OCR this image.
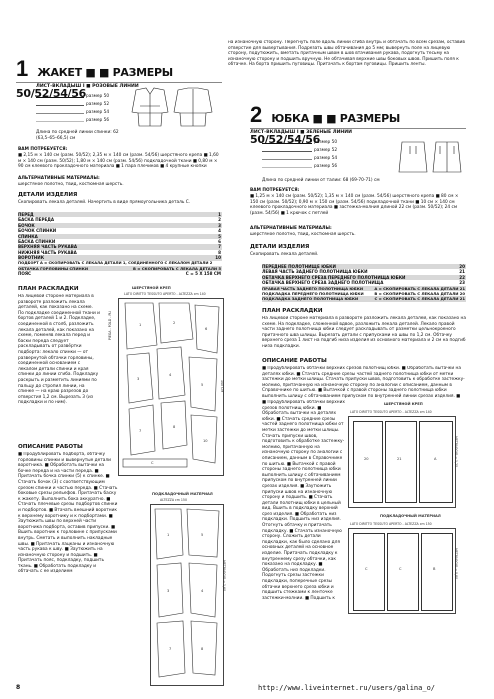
на изнаночную сторону. Перегнуть поле вдоль линии сгиба внутрь и обтачать по всем срезам, оставив отверстие для вывертывания. Подрезать швы обтачивания до 5 мм; вывернуть поле на лицевую сторону, подутюжить, вметать притачным швом в шов втачивания рукава, подогнуть тесьму на изнаночную сторону и подшить вручную. Не обтачивая верхние швы боковых швов. Пришить поля к обтачке. На борта пришить пуговицы. Притачать к бортам пуговицы. Пришить ленты.
1 ЖАКЕТ ■ ■ РАЗМЕРЫ 50/52/54/56
ЛИСТ-ВКЛАДЫШ Ⅰ ■ РОЗОВЫЕ ЛИНИИ
размер 50
размер 52
размер 54
размер 56
Длина по средней линии спинки: 62 (63,5–65–66,5) см
ВАМ ПОТРЕБУЕТСЯ:
■ 2,15 м × 140 см (разм. 50/52); 2,35 м × 140 см (разм. 54/56) шерстяного крепа ■ 1,60 м × 140 см (разм. 50/52); 1,80 м × 140 см (разм. 54/56) подкладочной ткани ■ 0,80 м × 90 см клеевого прокладочного материала ■ 1 пара плечиков ■ 4 крупные кнопки
АЛЬТЕРНАТИВНЫЕ МАТЕРИАЛЫ:
шерстяное полотно, твид, костюмная шерсть.
ДЕТАЛИ ИЗДЕЛИЯ
Скопировать лекала деталей. Начертить в виде прямоугольника деталь С.
ПЕРЕД	1
БАСКА ПЕРЕДА	2
БОЧОК	3
БОЧОК СПИНКИ	4
СПИНКА	5
БАСКА СПИНКИ	6
ВЕРХНЯЯ ЧАСТЬ РУКАВА	7
НИЖНЯЯ ЧАСТЬ РУКАВА	8
ВОРОТНИК	10
ПОДБОРТ A = СКОПИРОВАТЬ С ЛЕКАЛА ДЕТАЛИ 1, СОЕДИНЕННОГО С ЛЕКАЛОМ ДЕТАЛИ 2
ОБТАЧКА ГОРЛОВИНЫ СПИНКИ	B = СКОПИРОВАТЬ С ЛЕКАЛА ДЕТАЛИ 5
ПОЯС	C = 5 Х 158 СМ
ПЛАН РАСКЛАДКИ
На лицевой стороне материала в развороте разложить лекала деталей, как показано на схеме. По подкладке соединенной ткани и бортов деталей 1 и 2. Подкладке, соединенной в столб, разложить лекала деталей, как показано на схеме, поменяв лекала перед и баски переда следует раскладывать от развёртки подборта: лекало спинки — от развернутой обтачки горловины, соединенной основанием с лекалом детали спинки и края спинки до линии сгиба. Подкладку раскрыть и разметить линиями по пальцу до стропил линии, на спинке — на краю разрезов до отверстия 1,2 см. Вырезать 3 (из подкладки и по ним).
ОПИСАНИЕ РАБОТЫ
■ Продублировать подборта, обтачку горловины спинки и вывернутые детали воротника. ■ Обработать вытачки на бочке переда и на части переда. ■ Притачать бочка спинки (5) к спинке. ■ Стачать бочок (3) с соответствующим срезом спинки и частью переда. ■ Стачать боковые срезы рельефов. Притачать баску к жакету. Выполнить бока аккуратно. ■ Стачать плечевые срезы подбортов спинки и подбортов. ■ Втачать внешний воротник к верхнему воротнику и к подбортами. ■ Заутюжить швы по верхней части воротника подборта, оставив припуски. ■ Вшить воротник к горловине с припусками внутрь. Сметать и выполнить накладные швы. ■ Притачать лацканы и изнаночную часть рукава к шву. ■ Заутюжить на изнаночную сторону и подшить. ■ Притачать пояс, подкладку, подшить ткань. ■ Обработать подкладку и обтачать с ее изделием
ШЕРСТЯНОЙ КРЕП
LATO DIRITTO TESSUTO APERTO - ALTEZZA cm 140
1	2
6
3
4
5
7
8
10
C
PIEGA - FOLD - PLI
140 CM
ПОДКЛАДОЧНЫЙ МАТЕРИАЛ
ALTEZZA cm 150
1	5
3	4
7	8
METRAGGIO = 1,60
2 ЮБКА ■ ■ РАЗМЕРЫ 50/52/54/56
ЛИСТ-ВКЛАДЫШ Ⅰ ■ ЗЕЛЕНЫЕ ЛИНИИ
размер 50
размер 52
размер 54
размер 56
Длина по средней линии от талии: 68 (69-70-71) см
ВАМ ПОТРЕБУЕТСЯ:
■ 1,25 м × 140 см (разм. 50/52); 1,35 м × 140 см (разм. 54/56) шерстяного крепа ■ 80 см × 150 см (разм. 50/52); 0,90 м × 150 см (разм. 54/56) подкладочной ткани ■ 10 см × 140 см клеевого прокладочного материала ■ застежка-молния длиной 22 см (разм. 50/52); 24 см (разм. 54/56) ■ 1 крючок с петлей
АЛЬТЕРНАТИВНЫЕ МАТЕРИАЛЫ:
шерстяное полотно, твид, костюмная шерсть.
ДЕТАЛИ ИЗДЕЛИЯ
Скопировать лекала деталей.
ПЕРЕДНЕЕ ПОЛОТНИЩЕ ЮБКИ	20
ЛЕВАЯ ЧАСТЬ ЗАДНЕГО ПОЛОТНИЩА ЮБКИ	21
ОБТАЧКА ВЕРХНЕГО СРЕЗА ПЕРЕДНЕГО ПОЛОТНИЩА ЮБКИ	22
ОБТАЧКА ВЕРХНЕГО СРЕЗА ЗАДНЕГО ПОЛОТНИЩА	23
ПРАВАЯ ЧАСТЬ ЗАДНЕГО ПОЛОТНИЩА ЮБКИ	A = СКОПИРОВАТЬ С ЛЕКАЛА ДЕТАЛИ 21
ПОДКЛАДКА ПЕРЕДНЕГО ПОЛОТНИЩА ЮБКИ	B = СКОПИРОВАТЬ С ЛЕКАЛА ДЕТАЛИ 20
ПОДКЛАДКА ЗАДНЕГО ПОЛОТНИЩА ЮБКИ	C = СКОПИРОВАТЬ С ЛЕКАЛА ДЕТАЛИ 21
ПЛАН РАСКЛАДКИ
На лицевой стороне материала в развороте разложить лекала деталей, как показано на схеме. На подкладке, сложенной вдвое, разложить лекала деталей. Лекало правой части заднего полотнища юбки следует раскладывать от разметки цельнокроеного притачного шва шлицы. Вырезать детали с припусками на швы по 1,2 см. Обтачку верхнего среза 1 лист на подгиб низа изделия из основного материала и 2 см на подгиб низа подкладки.
ОПИСАНИЕ РАБОТЫ
■ Продублировать обтачки верхних срезов полотнищ юбки. ■ Обработать вытачки на деталях юбки. ■ Стачать средние срезы частей заднего полотнища юбки от метки застежки до метки шлицы. Стачать припуски швов, подготовить к обработке застежку-молнию, притачанную на изнаночную сторону по аналогии с описанием, данным в Справочнике по шитью. ■ Вытачкой с правой стороны заднего полотнища юбки выполнить шлицу с обтачиванием припуском по внутренней линии срезах изделия. ■
ШЕРСТЯНОЙ КРЕП
LATO DIRITTO TESSUTO APERTO - ALTEZZA cm 140
20	21	A	METRAGGIO = 1,25
■ Продублировать обтачки верхних срезов полотнищ юбки. ■ Обработать вытачки на деталях юбки. ■ Стачать средние срезы частей заднего полотнища юбки от метки застежки до метки шлицы. Стачать припуски швов, подготовить к обработке застежку-молнию, притачанную на изнаночную сторону по аналогии с описанием, данным в Справочнике по шитью. ■ Вытачкой с правой стороны заднего полотнища юбки выполнить шлицу с обтачиванием припуском по внутренней линии срезах изделия. ■ Заутюжить припуски швов на изнаночную сторону и подшить. ■ Стачать детали полотнищ юбки в цельный вид. Вшить в подкладку верхний срез изделия. ■ Обработать низ подкладки. Подшить низ изделия. Отогнуть обтачку и притачать подкладку. ■ Стачать изнаночную сторону. Сложить детали подкладки, как было сделано для основных деталей на основное изделие. Притачать подкладку к внутреннему срезу обтачки, как показано на подкладку. ■ Обработать низ подкладки. Подогнуть срезы застежки подкладки, поперечные срезы обтачки верхнего среза юбки и подшить стежками к ленточке застежки-молнии. ■ Подшить к
ПОДКЛАДОЧНЫЙ МАТЕРИАЛ
LATO DIRITTO TESSUTO APERTO - ALTEZZA cm 150
C	C	B	METRAGGIO = 0,80
8	http://www.liveinternet.ru/users/galina_o/
